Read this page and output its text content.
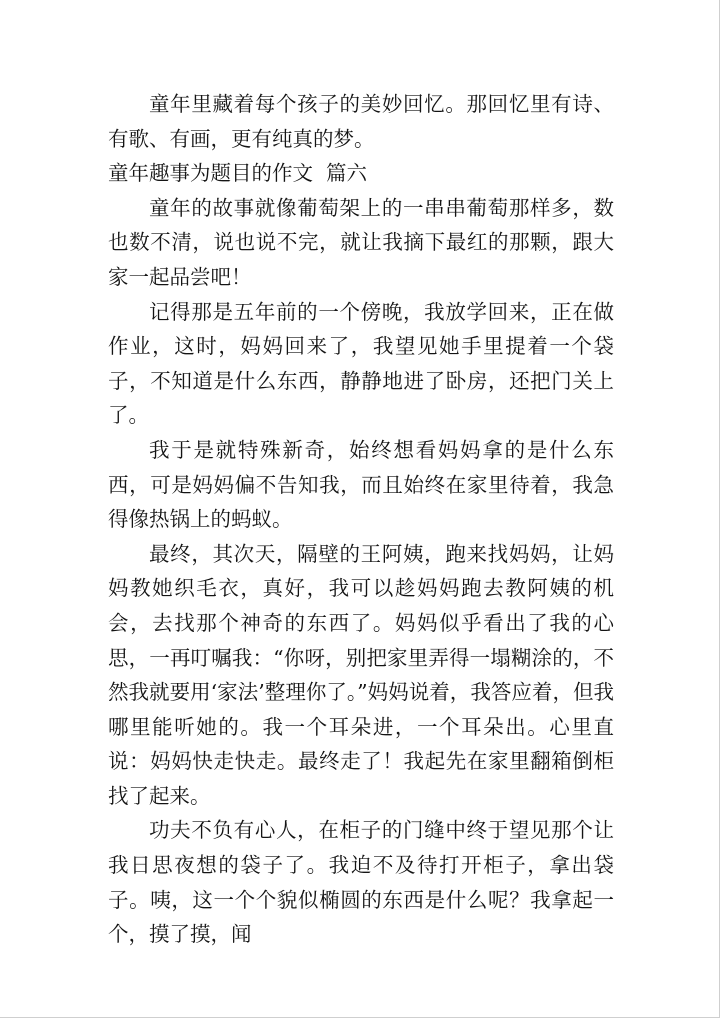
童年里藏着每个孩子的美妙回忆。那回忆里有诗、有歌、有画，更有纯真的梦。

童年趣事为题目的作文  篇六

童年的故事就像葡萄架上的一串串葡萄那样多，数也数不清，说也说不完，就让我摘下最红的那颗，跟大家一起品尝吧！

记得那是五年前的一个傍晚，我放学回来，正在做作业，这时，妈妈回来了，我望见她手里提着一个袋子，不知道是什么东西，静静地进了卧房，还把门关上了。

我于是就特殊新奇，始终想看妈妈拿的是什么东西，可是妈妈偏不告知我，而且始终在家里待着，我急得像热锅上的蚂蚁。

最终，其次天，隔壁的王阿姨，跑来找妈妈，让妈妈教她织毛衣，真好，我可以趁妈妈跑去教阿姨的机会，去找那个神奇的东西了。妈妈似乎看出了我的心思，一再叮嘱我：“你呀，别把家里弄得一塌糊涂的，不然我就要用‘家法’整理你了。”妈妈说着，我答应着，但我哪里能听她的。我一个耳朵进，一个耳朵出。心里直说：妈妈快走快走。最终走了！我起先在家里翻箱倒柜找了起来。

功夫不负有心人，在柜子的门缝中终于望见那个让我日思夜想的袋子了。我迫不及待打开柜子，拿出袋子。咦，这一个个貌似椭圆的东西是什么呢？我拿起一个，摸了摸，闻
